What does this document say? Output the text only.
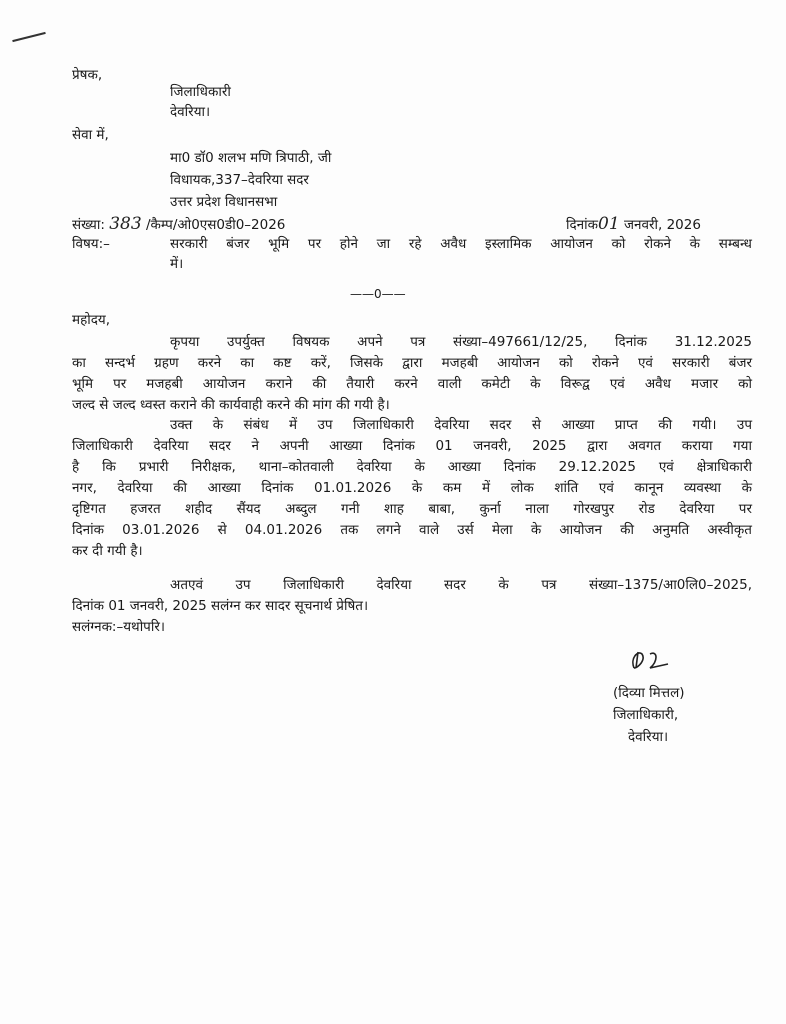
प्रेषक,
जिलाधिकारी
देवरिया।
सेवा में,
मा0 डॉ0 शलभ मणि त्रिपाठी, जी
विधायक,337–देवरिया सदर
उत्तर प्रदेश विधानसभा
संख्या: 383 /कैम्प/ओ0एस0डी0–2026	दिनांक01 जनवरी, 2026
विषय:–	सरकारी बंजर भूमि पर होने जा रहे अवैध इस्लामिक आयोजन को रोकने के सम्बन्ध
में।
——0——
महोदय,
कृपया उपर्युक्त विषयक अपने पत्र संख्या–497661/12/25, दिनांक 31.12.2025
का सन्दर्भ ग्रहण करने का कष्ट करें, जिसके द्वारा मजहबी आयोजन को रोकने एवं सरकारी बंजर
भूमि पर मजहबी आयोजन कराने की तैयारी करने वाली कमेटी के विरूद्व एवं अवैध मजार को
जल्द से जल्द ध्वस्त कराने की कार्यवाही करने की मांग की गयी है।
उक्त के संबंध में उप जिलाधिकारी देवरिया सदर से आख्या प्राप्त की गयी। उप
जिलाधिकारी देवरिया सदर ने अपनी आख्या दिनांक 01 जनवरी, 2025 द्वारा अवगत कराया गया
है कि प्रभारी निरीक्षक, थाना–कोतवाली देवरिया के आख्या दिनांक 29.12.2025 एवं क्षेत्राधिकारी
नगर, देवरिया की आख्या दिनांक 01.01.2026 के कम में लोक शांति एवं कानून व्यवस्था के
दृष्टिगत हजरत शहीद सैंयद अब्दुल गनी शाह बाबा, कुर्ना नाला गोरखपुर रोड देवरिया पर
दिनांक 03.01.2026 से 04.01.2026 तक लगने वाले उर्स मेला के आयोजन की अनुमति अस्वीकृत
कर दी गयी है।
अतएवं उप जिलाधिकारी देवरिया सदर के पत्र संख्या–1375/आ0लि0–2025,
दिनांक 01 जनवरी, 2025 सलंग्न कर सादर सूचनार्थ प्रेषित।
सलंग्नक:–यथोपरि।
(दिव्या मित्तल)
जिलाधिकारी,
देवरिया।
